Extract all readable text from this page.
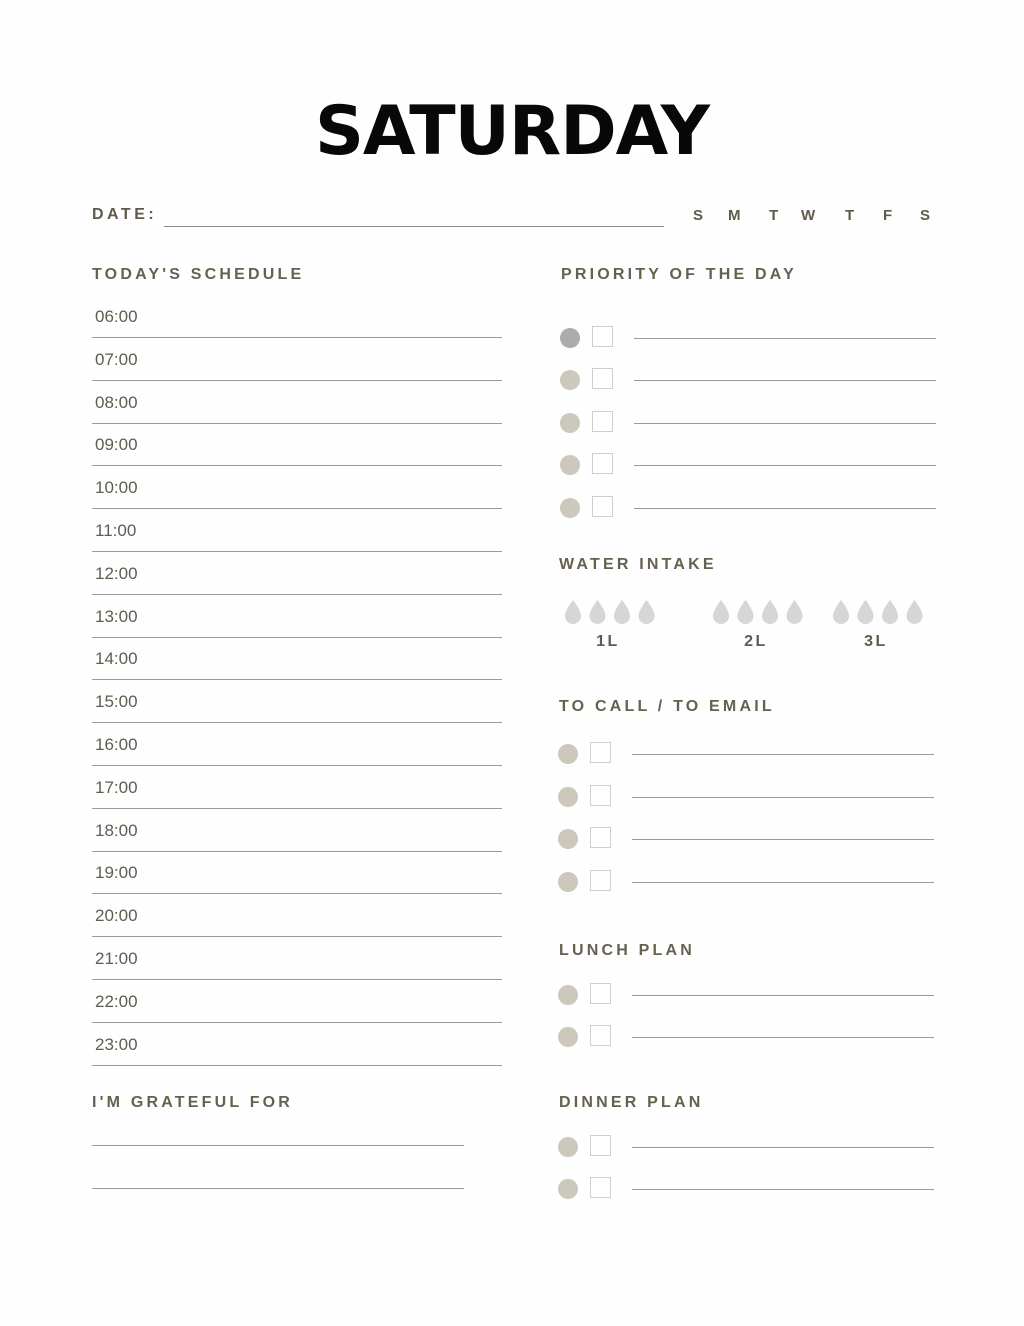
SATURDAY
DATE:	S M T W T F S
TODAY'S SCHEDULE
06:00
07:00
08:00
09:00
10:00
11:00
12:00
13:00
14:00
15:00
16:00
17:00
18:00
19:00
20:00
21:00
22:00
23:00
PRIORITY OF THE DAY
WATER INTAKE
1L	2L	3L
TO CALL / TO EMAIL
LUNCH PLAN
I'M GRATEFUL FOR	DINNER PLAN
